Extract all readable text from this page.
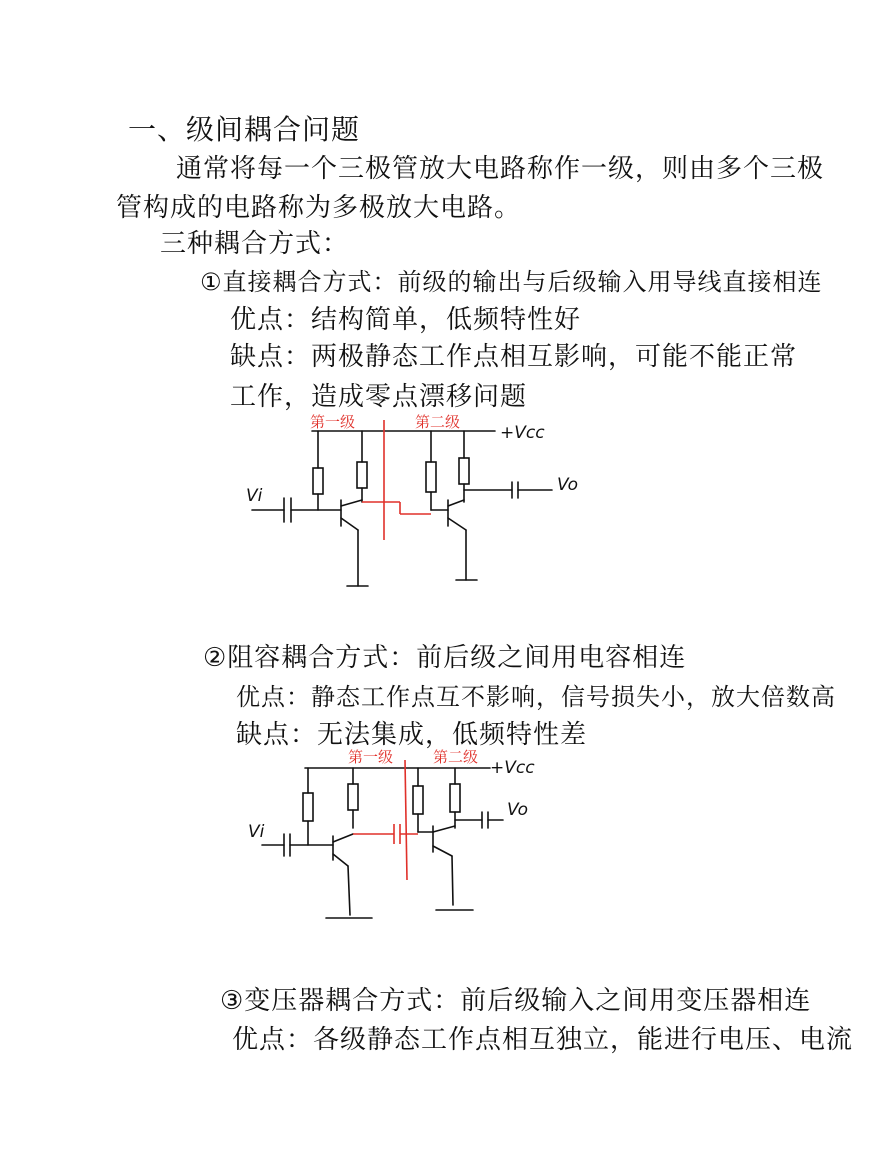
一、级间耦合问题
通常将每一个三极管放大电路称作一级，则由多个三极
管构成的电路称为多极放大电路。
三种耦合方式：
①直接耦合方式：前级的输出与后级输入用导线直接相连
优点：结构简单，低频特性好
缺点：两极静态工作点相互影响，可能不能正常
工作，造成零点漂移问题
②阻容耦合方式：前后级之间用电容相连
优点：静态工作点互不影响，信号损失小，放大倍数高
缺点：无法集成，低频特性差
③变压器耦合方式：前后级输入之间用变压器相连
优点：各级静态工作点相互独立，能进行电压、电流
第一级	第二级
+Vcc
Vi
Vo
第一级	第二级
+Vcc
Vi
Vo
